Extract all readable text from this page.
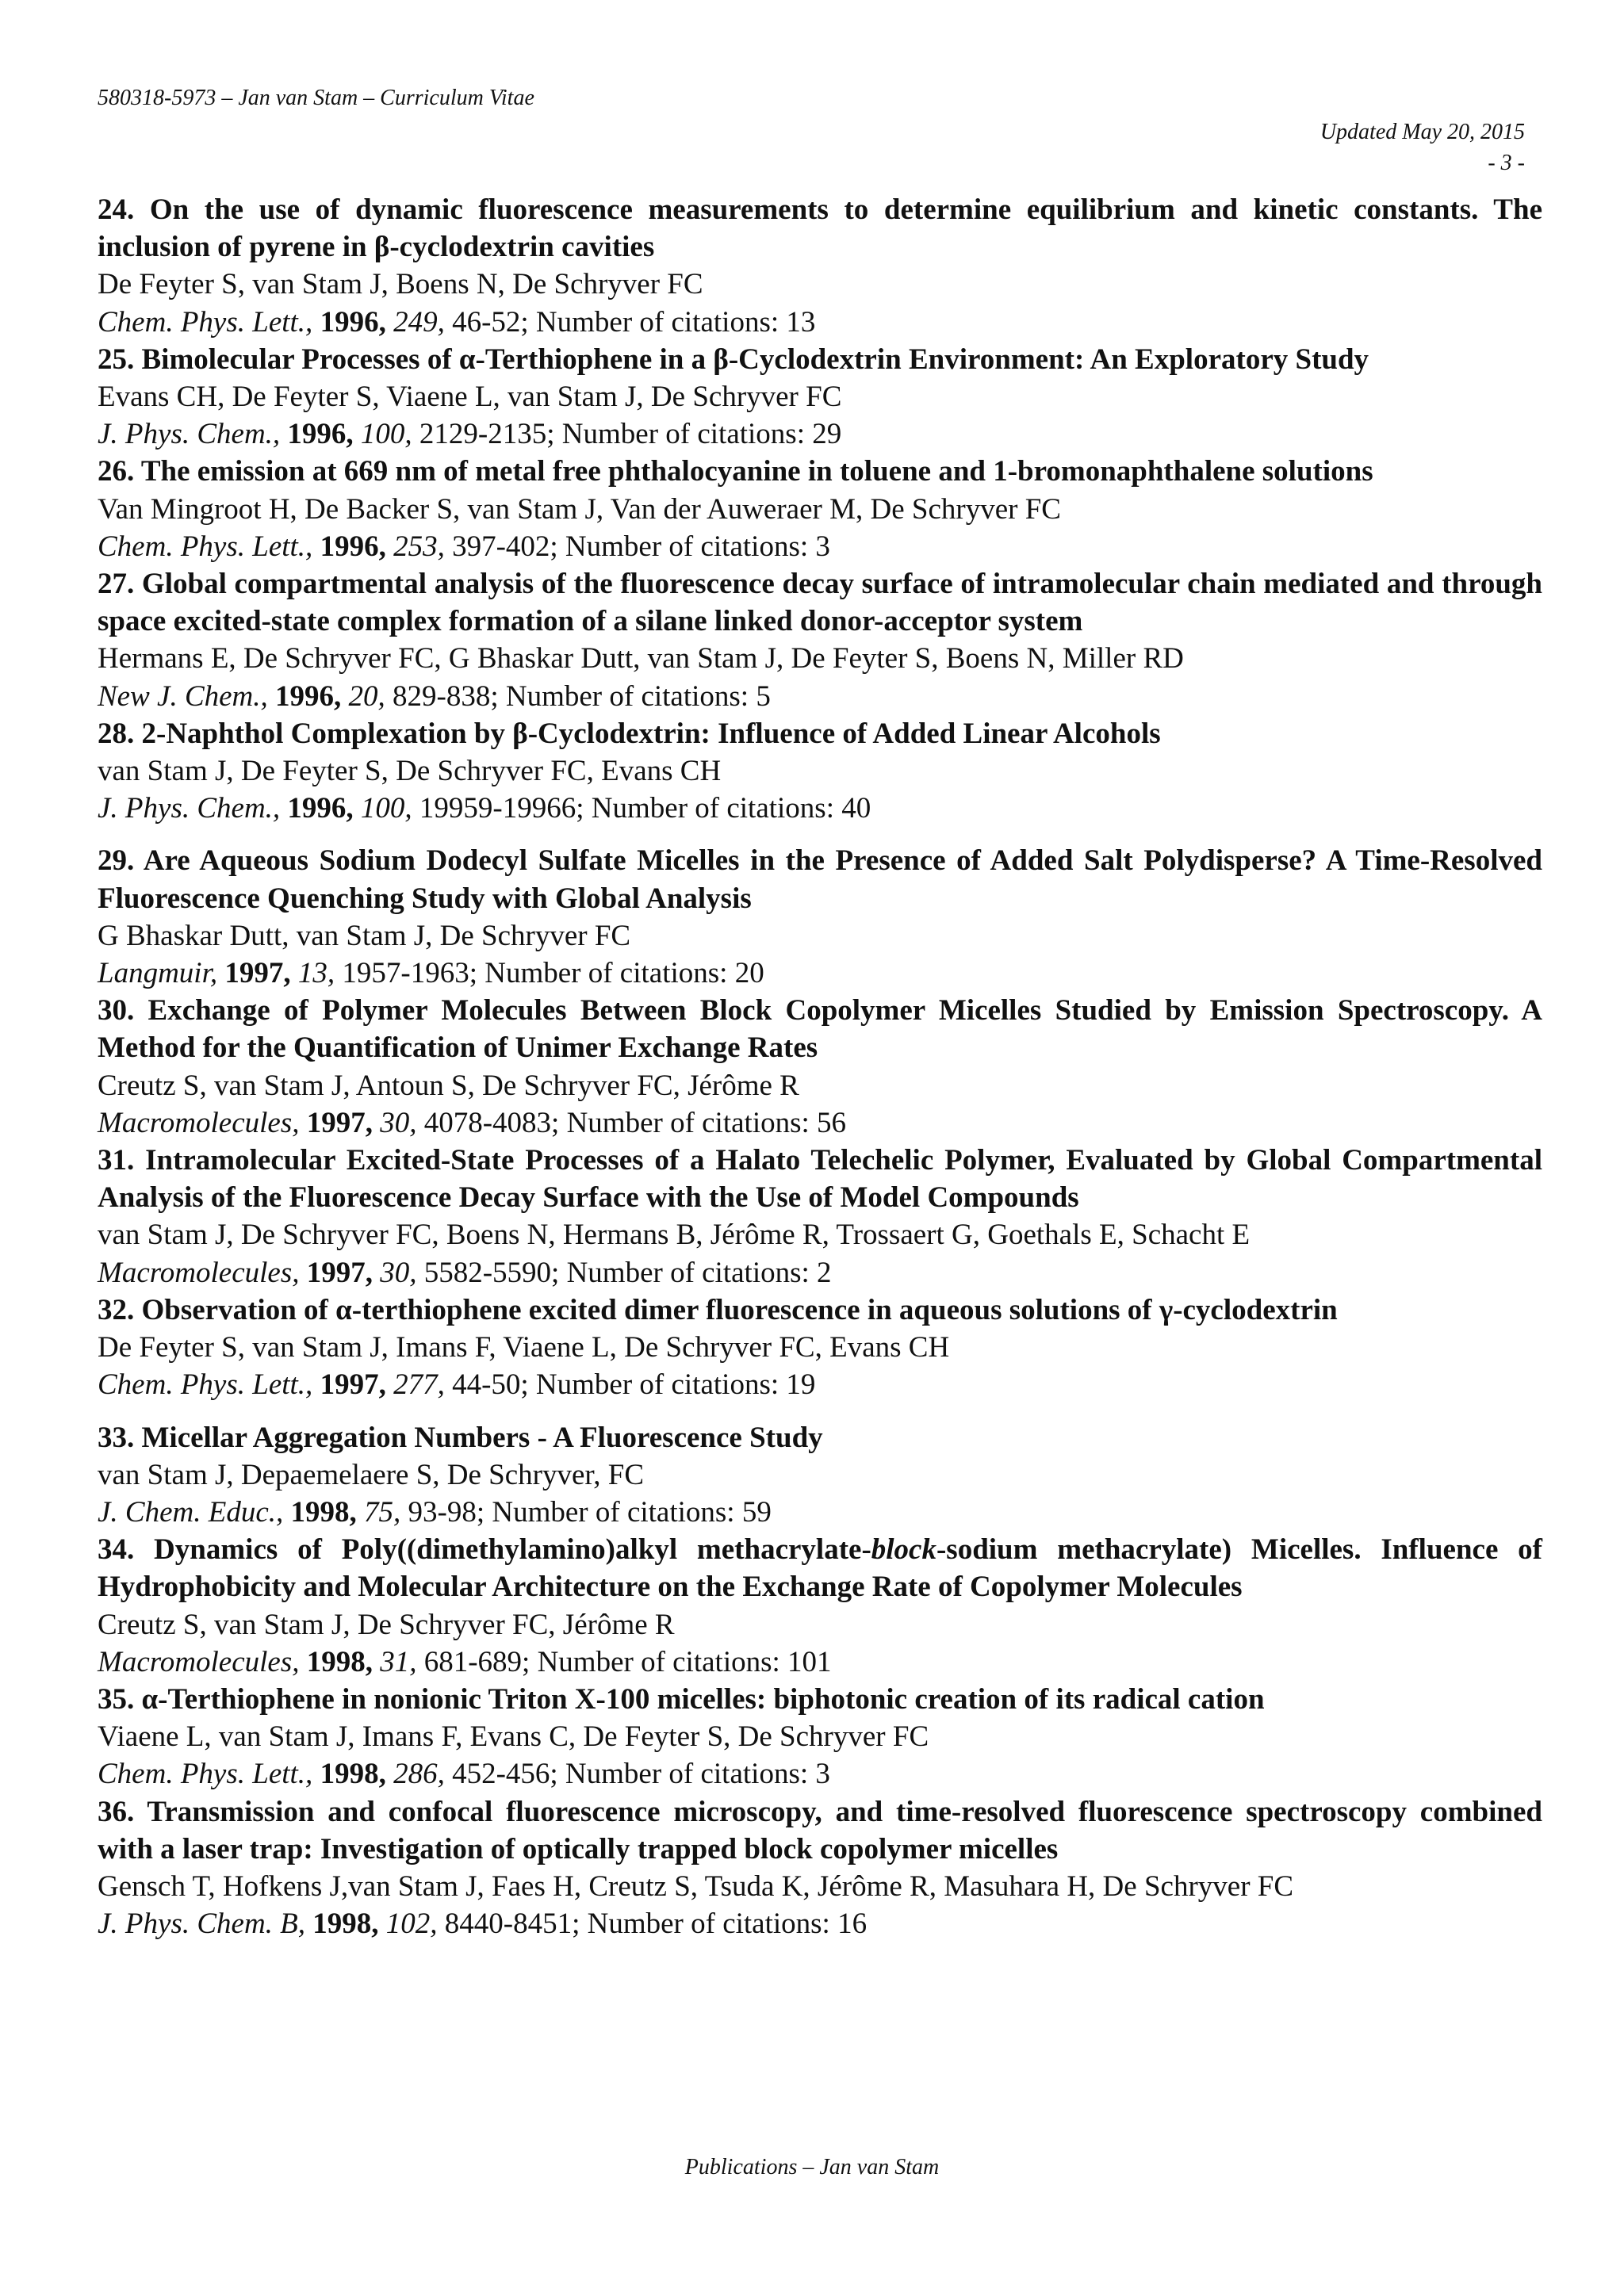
580318-5973 – Jan van Stam – Curriculum Vitae
Updated May 20, 2015
- 3 -
24. On the use of dynamic fluorescence measurements to determine equilibrium and kinetic constants. The inclusion of pyrene in β-cyclodextrin cavities
De Feyter S, van Stam J, Boens N, De Schryver FC
Chem. Phys. Lett., 1996, 249, 46-52; Number of citations: 13
25. Bimolecular Processes of α-Terthiophene in a β-Cyclodextrin Environment: An Exploratory Study
Evans CH, De Feyter S, Viaene L, van Stam J, De Schryver FC
J. Phys. Chem., 1996, 100, 2129-2135; Number of citations: 29
26. The emission at 669 nm of metal free phthalocyanine in toluene and 1-bromonaphthalene solutions
Van Mingroot H, De Backer S, van Stam J, Van der Auweraer M, De Schryver FC
Chem. Phys. Lett., 1996, 253, 397-402; Number of citations: 3
27. Global compartmental analysis of the fluorescence decay surface of intramolecular chain mediated and through space excited-state complex formation of a silane linked donor-acceptor system
Hermans E, De Schryver FC, G Bhaskar Dutt, van Stam J, De Feyter S, Boens N, Miller RD
New J. Chem., 1996, 20, 829-838; Number of citations: 5
28. 2-Naphthol Complexation by β-Cyclodextrin: Influence of Added Linear Alcohols
van Stam J, De Feyter S, De Schryver FC, Evans CH
J. Phys. Chem., 1996, 100, 19959-19966; Number of citations: 40
29. Are Aqueous Sodium Dodecyl Sulfate Micelles in the Presence of Added Salt Polydisperse? A Time-Resolved Fluorescence Quenching Study with Global Analysis
G Bhaskar Dutt, van Stam J, De Schryver FC
Langmuir, 1997, 13, 1957-1963; Number of citations: 20
30. Exchange of Polymer Molecules Between Block Copolymer Micelles Studied by Emission Spectroscopy. A Method for the Quantification of Unimer Exchange Rates
Creutz S, van Stam J, Antoun S, De Schryver FC, Jérôme R
Macromolecules, 1997, 30, 4078-4083; Number of citations: 56
31. Intramolecular Excited-State Processes of a Halato Telechelic Polymer, Evaluated by Global Compartmental Analysis of the Fluorescence Decay Surface with the Use of Model Compounds
van Stam J, De Schryver FC, Boens N, Hermans B, Jérôme R, Trossaert G, Goethals E, Schacht E
Macromolecules, 1997, 30, 5582-5590; Number of citations: 2
32. Observation of α-terthiophene excited dimer fluorescence in aqueous solutions of γ-cyclodextrin
De Feyter S, van Stam J, Imans F, Viaene L, De Schryver FC, Evans CH
Chem. Phys. Lett., 1997, 277, 44-50; Number of citations: 19
33. Micellar Aggregation Numbers - A Fluorescence Study
van Stam J, Depaemelaere S, De Schryver, FC
J. Chem. Educ., 1998, 75, 93-98; Number of citations: 59
34. Dynamics of Poly((dimethylamino)alkyl methacrylate-block-sodium methacrylate) Micelles. Influence of Hydrophobicity and Molecular Architecture on the Exchange Rate of Copolymer Molecules
Creutz S, van Stam J, De Schryver FC, Jérôme R
Macromolecules, 1998, 31, 681-689; Number of citations: 101
35. α-Terthiophene in nonionic Triton X-100 micelles: biphotonic creation of its radical cation
Viaene L, van Stam J, Imans F, Evans C, De Feyter S, De Schryver FC
Chem. Phys. Lett., 1998, 286, 452-456; Number of citations: 3
36. Transmission and confocal fluorescence microscopy, and time-resolved fluorescence spectroscopy combined with a laser trap: Investigation of optically trapped block copolymer micelles
Gensch T, Hofkens J,van Stam J, Faes H, Creutz S, Tsuda K, Jérôme R, Masuhara H, De Schryver FC
J. Phys. Chem. B, 1998, 102, 8440-8451; Number of citations: 16
Publications – Jan van Stam
